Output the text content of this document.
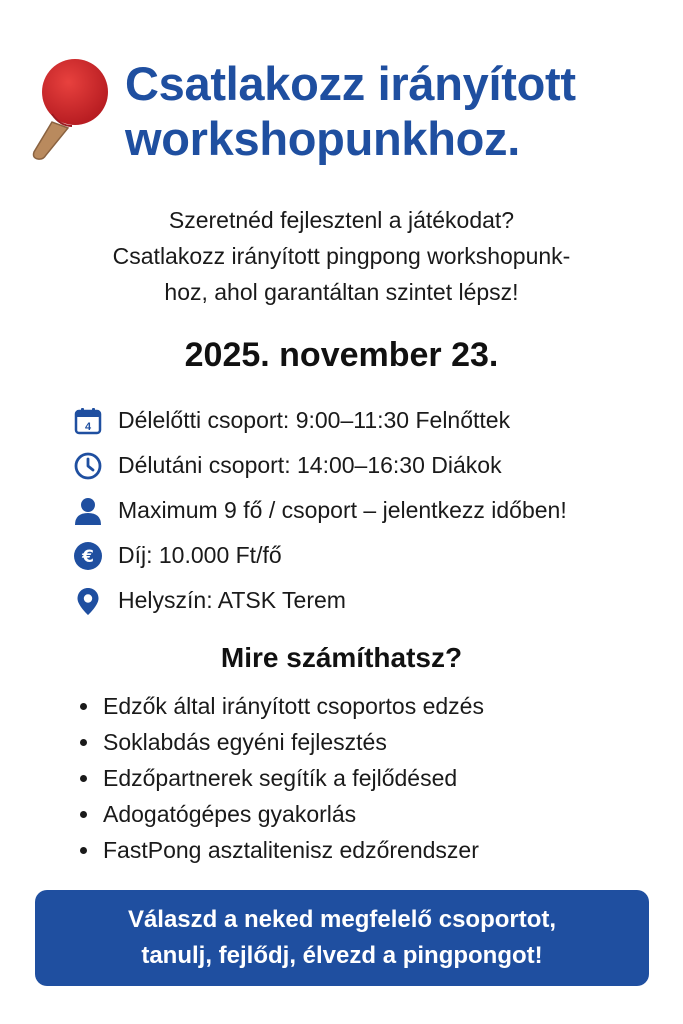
Csatlakozz irányított
workshopunkhoz.
Szeretnéd fejlesztenl a játékodat?
Csatlakozz irányított pingpong workshopunk-
hoz, ahol garantáltan szintet lépsz!
2025. november 23.
4 Délelőtti csoport: 9:00–11:30 Felnőttek
Délutáni csoport: 14:00–16:30 Diákok
Maximum 9 fő / csoport – jelentkezz időben!
€ Díj: 10.000 Ft/fő
Helyszín: ATSK Terem
Mire számíthatsz?
Edzők által irányított csoportos edzés
Soklabdás egyéni fejlesztés
Edzőpartnerek segítík a fejlődésed
Adogatógépes gyakorlás
FastPong asztalitenisz edzőrendszer
Válaszd a neked megfelelő csoportot,
tanulj, fejlődj, élvezd a pingpongot!
